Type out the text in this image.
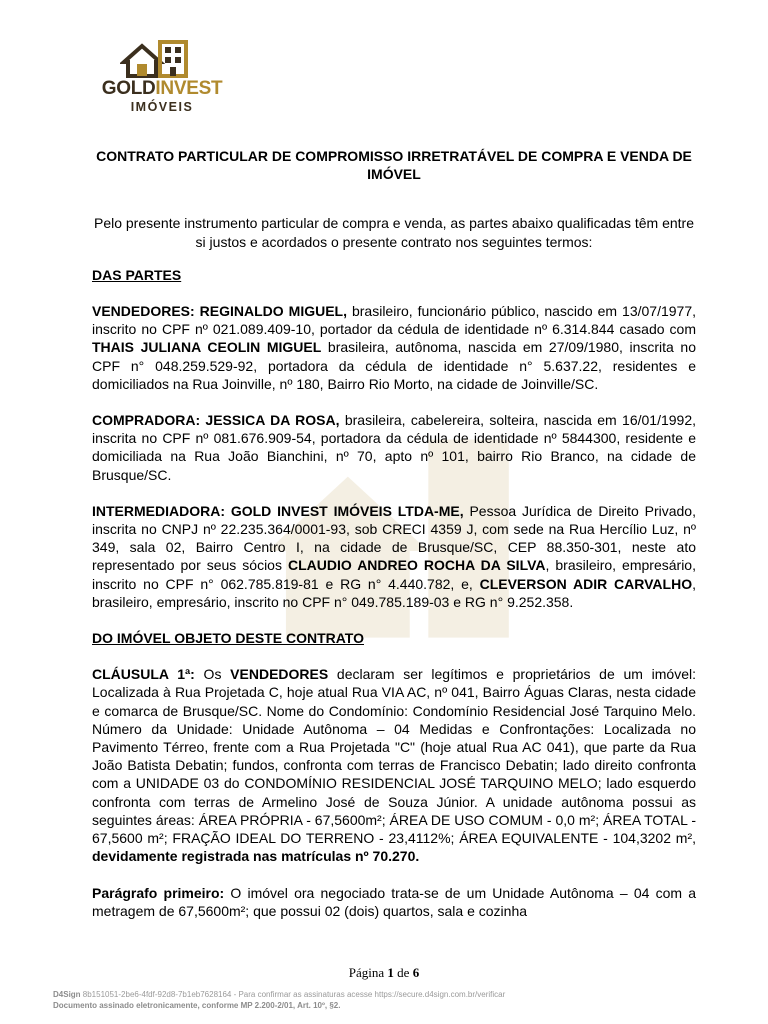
GOLDINVEST
IMÓVEIS

CONTRATO PARTICULAR DE COMPROMISSO IRRETRATÁVEL DE COMPRA E VENDA DE IMÓVEL

Pelo presente instrumento particular de compra e venda, as partes abaixo qualificadas têm entre si justos e acordados o presente contrato nos seguintes termos:

DAS PARTES

VENDEDORES: REGINALDO MIGUEL, brasileiro, funcionário público, nascido em 13/07/1977, inscrito no CPF nº 021.089.409-10, portador da cédula de identidade nº 6.314.844 casado com THAIS JULIANA CEOLIN MIGUEL brasileira, autônoma, nascida em 27/09/1980, inscrita no CPF n° 048.259.529-92, portadora da cédula de identidade n° 5.637.22, residentes e domiciliados na Rua Joinville, nº 180, Bairro Rio Morto, na cidade de Joinville/SC.

COMPRADORA: JESSICA DA ROSA, brasileira, cabelereira, solteira, nascida em 16/01/1992, inscrita no CPF nº 081.676.909-54, portadora da cédula de identidade nº 5844300, residente e domiciliada na Rua João Bianchini, nº 70, apto nº 101, bairro Rio Branco, na cidade de Brusque/SC.

INTERMEDIADORA: GOLD INVEST IMÓVEIS LTDA-ME, Pessoa Jurídica de Direito Privado, inscrita no CNPJ nº 22.235.364/0001-93, sob CRECI 4359 J, com sede na Rua Hercílio Luz, nº 349, sala 02, Bairro Centro I, na cidade de Brusque/SC, CEP 88.350-301, neste ato representado por seus sócios CLAUDIO ANDREO ROCHA DA SILVA, brasileiro, empresário, inscrito no CPF n° 062.785.819-81 e RG n° 4.440.782, e, CLEVERSON ADIR CARVALHO, brasileiro, empresário, inscrito no CPF n° 049.785.189-03 e RG n° 9.252.358.

DO IMÓVEL OBJETO DESTE CONTRATO

CLÁUSULA 1ª: Os VENDEDORES declaram ser legítimos e proprietários de um imóvel: Localizada à Rua Projetada C, hoje atual Rua VIA AC, nº 041, Bairro Águas Claras, nesta cidade e comarca de Brusque/SC. Nome do Condomínio: Condomínio Residencial José Tarquino Melo. Número da Unidade: Unidade Autônoma – 04 Medidas e Confrontações: Localizada no Pavimento Térreo, frente com a Rua Projetada "C" (hoje atual Rua AC 041), que parte da Rua João Batista Debatin; fundos, confronta com terras de Francisco Debatin; lado direito confronta com a UNIDADE 03 do CONDOMÍNIO RESIDENCIAL JOSÉ TARQUINO MELO; lado esquerdo confronta com terras de Armelino José de Souza Júnior. A unidade autônoma possui as seguintes áreas: ÁREA PRÓPRIA - 67,5600m²; ÁREA DE USO COMUM - 0,0 m²; ÁREA TOTAL - 67,5600 m²; FRAÇÃO IDEAL DO TERRENO - 23,4112%; ÁREA EQUIVALENTE - 104,3202 m², devidamente registrada nas matrículas nº 70.270.

Parágrafo primeiro: O imóvel ora negociado trata-se de um Unidade Autônoma – 04 com a metragem de 67,5600m²; que possui 02 (dois) quartos, sala e cozinha

Página 1 de 6
D4Sign 8b151051-2be6-4fdf-92d8-7b1eb7628164 - Para confirmar as assinaturas acesse https://secure.d4sign.com.br/verificar
Documento assinado eletronicamente, conforme MP 2.200-2/01, Art. 10º, §2.
